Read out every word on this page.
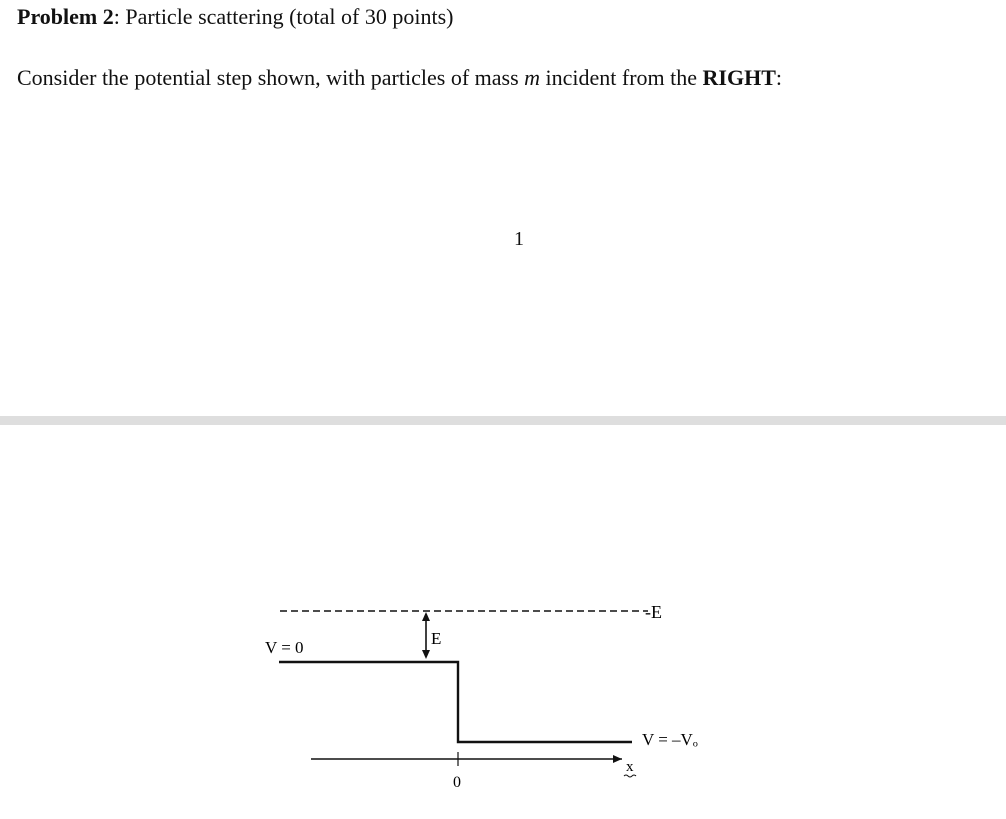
Problem 2: Particle scattering (total of 30 points)
Consider the potential step shown, with particles of mass m incident from the RIGHT:
1
-E
E
V = 0
V = –Vₒ
0
x
